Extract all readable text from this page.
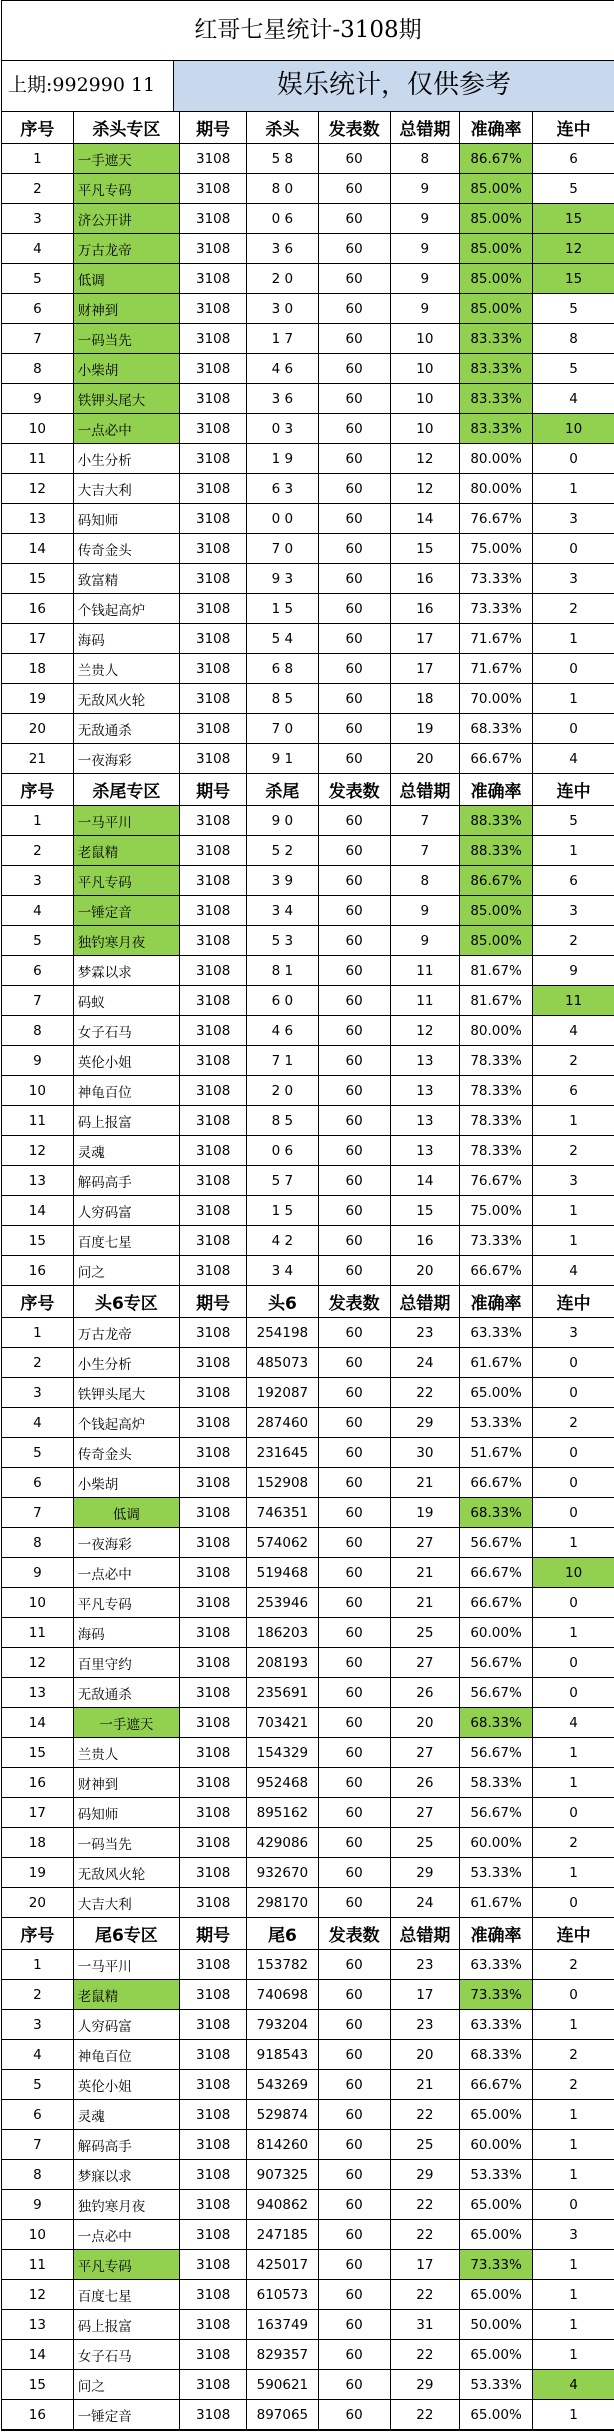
红哥七星统计-3108期
上期:992990 11	娱乐统计，仅供参考
序号	杀头专区	期号	杀头	发表数	总错期	准确率	连中
1	一手遮天	3108	5 8	60	8	86.67%	6
2	平凡专码	3108	8 0	60	9	85.00%	5
3	济公开讲	3108	0 6	60	9	85.00%	15
4	万古龙帝	3108	3 6	60	9	85.00%	12
5	低调	3108	2 0	60	9	85.00%	15
6	财神到	3108	3 0	60	9	85.00%	5
7	一码当先	3108	1 7	60	10	83.33%	8
8	小柴胡	3108	4 6	60	10	83.33%	5
9	铁钾头尾大	3108	3 6	60	10	83.33%	4
10	一点必中	3108	0 3	60	10	83.33%	10
11	小生分析	3108	1 9	60	12	80.00%	0
12	大吉大利	3108	6 3	60	12	80.00%	1
13	码知师	3108	0 0	60	14	76.67%	3
14	传奇金头	3108	7 0	60	15	75.00%	0
15	致富精	3108	9 3	60	16	73.33%	3
16	个钱起高炉	3108	1 5	60	16	73.33%	2
17	海码	3108	5 4	60	17	71.67%	1
18	兰贵人	3108	6 8	60	17	71.67%	0
19	无敌风火轮	3108	8 5	60	18	70.00%	1
20	无敌通杀	3108	7 0	60	19	68.33%	0
21	一夜海彩	3108	9 1	60	20	66.67%	4
序号	杀尾专区	期号	杀尾	发表数	总错期	准确率	连中
1	一马平川	3108	9 0	60	7	88.33%	5
2	老鼠精	3108	5 2	60	7	88.33%	1
3	平凡专码	3108	3 9	60	8	86.67%	6
4	一锤定音	3108	3 4	60	9	85.00%	3
5	独钓寒月夜	3108	5 3	60	9	85.00%	2
6	梦霖以求	3108	8 1	60	11	81.67%	9
7	码蚁	3108	6 0	60	11	81.67%	11
8	女子石马	3108	4 6	60	12	80.00%	4
9	英伦小姐	3108	7 1	60	13	78.33%	2
10	神龟百位	3108	2 0	60	13	78.33%	6
11	码上报富	3108	8 5	60	13	78.33%	1
12	灵魂	3108	0 6	60	13	78.33%	2
13	解码高手	3108	5 7	60	14	76.67%	3
14	人穷码富	3108	1 5	60	15	75.00%	1
15	百度七星	3108	4 2	60	16	73.33%	1
16	问之	3108	3 4	60	20	66.67%	4
序号	头6专区	期号	头6	发表数	总错期	准确率	连中
1	万古龙帝	3108	254198	60	23	63.33%	3
2	小生分析	3108	485073	60	24	61.67%	0
3	铁钾头尾大	3108	192087	60	22	65.00%	0
4	个钱起高炉	3108	287460	60	29	53.33%	2
5	传奇金头	3108	231645	60	30	51.67%	0
6	小柴胡	3108	152908	60	21	66.67%	0
7	低调	3108	746351	60	19	68.33%	0
8	一夜海彩	3108	574062	60	27	56.67%	1
9	一点必中	3108	519468	60	21	66.67%	10
10	平凡专码	3108	253946	60	21	66.67%	0
11	海码	3108	186203	60	25	60.00%	1
12	百里守约	3108	208193	60	27	56.67%	0
13	无敌通杀	3108	235691	60	26	56.67%	0
14	一手遮天	3108	703421	60	20	68.33%	4
15	兰贵人	3108	154329	60	27	56.67%	1
16	财神到	3108	952468	60	26	58.33%	1
17	码知师	3108	895162	60	27	56.67%	0
18	一码当先	3108	429086	60	25	60.00%	2
19	无敌风火轮	3108	932670	60	29	53.33%	1
20	大吉大利	3108	298170	60	24	61.67%	0
序号	尾6专区	期号	尾6	发表数	总错期	准确率	连中
1	一马平川	3108	153782	60	23	63.33%	2
2	老鼠精	3108	740698	60	17	73.33%	0
3	人穷码富	3108	793204	60	23	63.33%	1
4	神龟百位	3108	918543	60	20	68.33%	2
5	英伦小姐	3108	543269	60	21	66.67%	2
6	灵魂	3108	529874	60	22	65.00%	1
7	解码高手	3108	814260	60	25	60.00%	1
8	梦寐以求	3108	907325	60	29	53.33%	1
9	独钓寒月夜	3108	940862	60	22	65.00%	0
10	一点必中	3108	247185	60	22	65.00%	3
11	平凡专码	3108	425017	60	17	73.33%	1
12	百度七星	3108	610573	60	22	65.00%	1
13	码上报富	3108	163749	60	31	50.00%	1
14	女子石马	3108	829357	60	22	65.00%	1
15	问之	3108	590621	60	29	53.33%	4
16	一锤定音	3108	897065	60	22	65.00%	1
